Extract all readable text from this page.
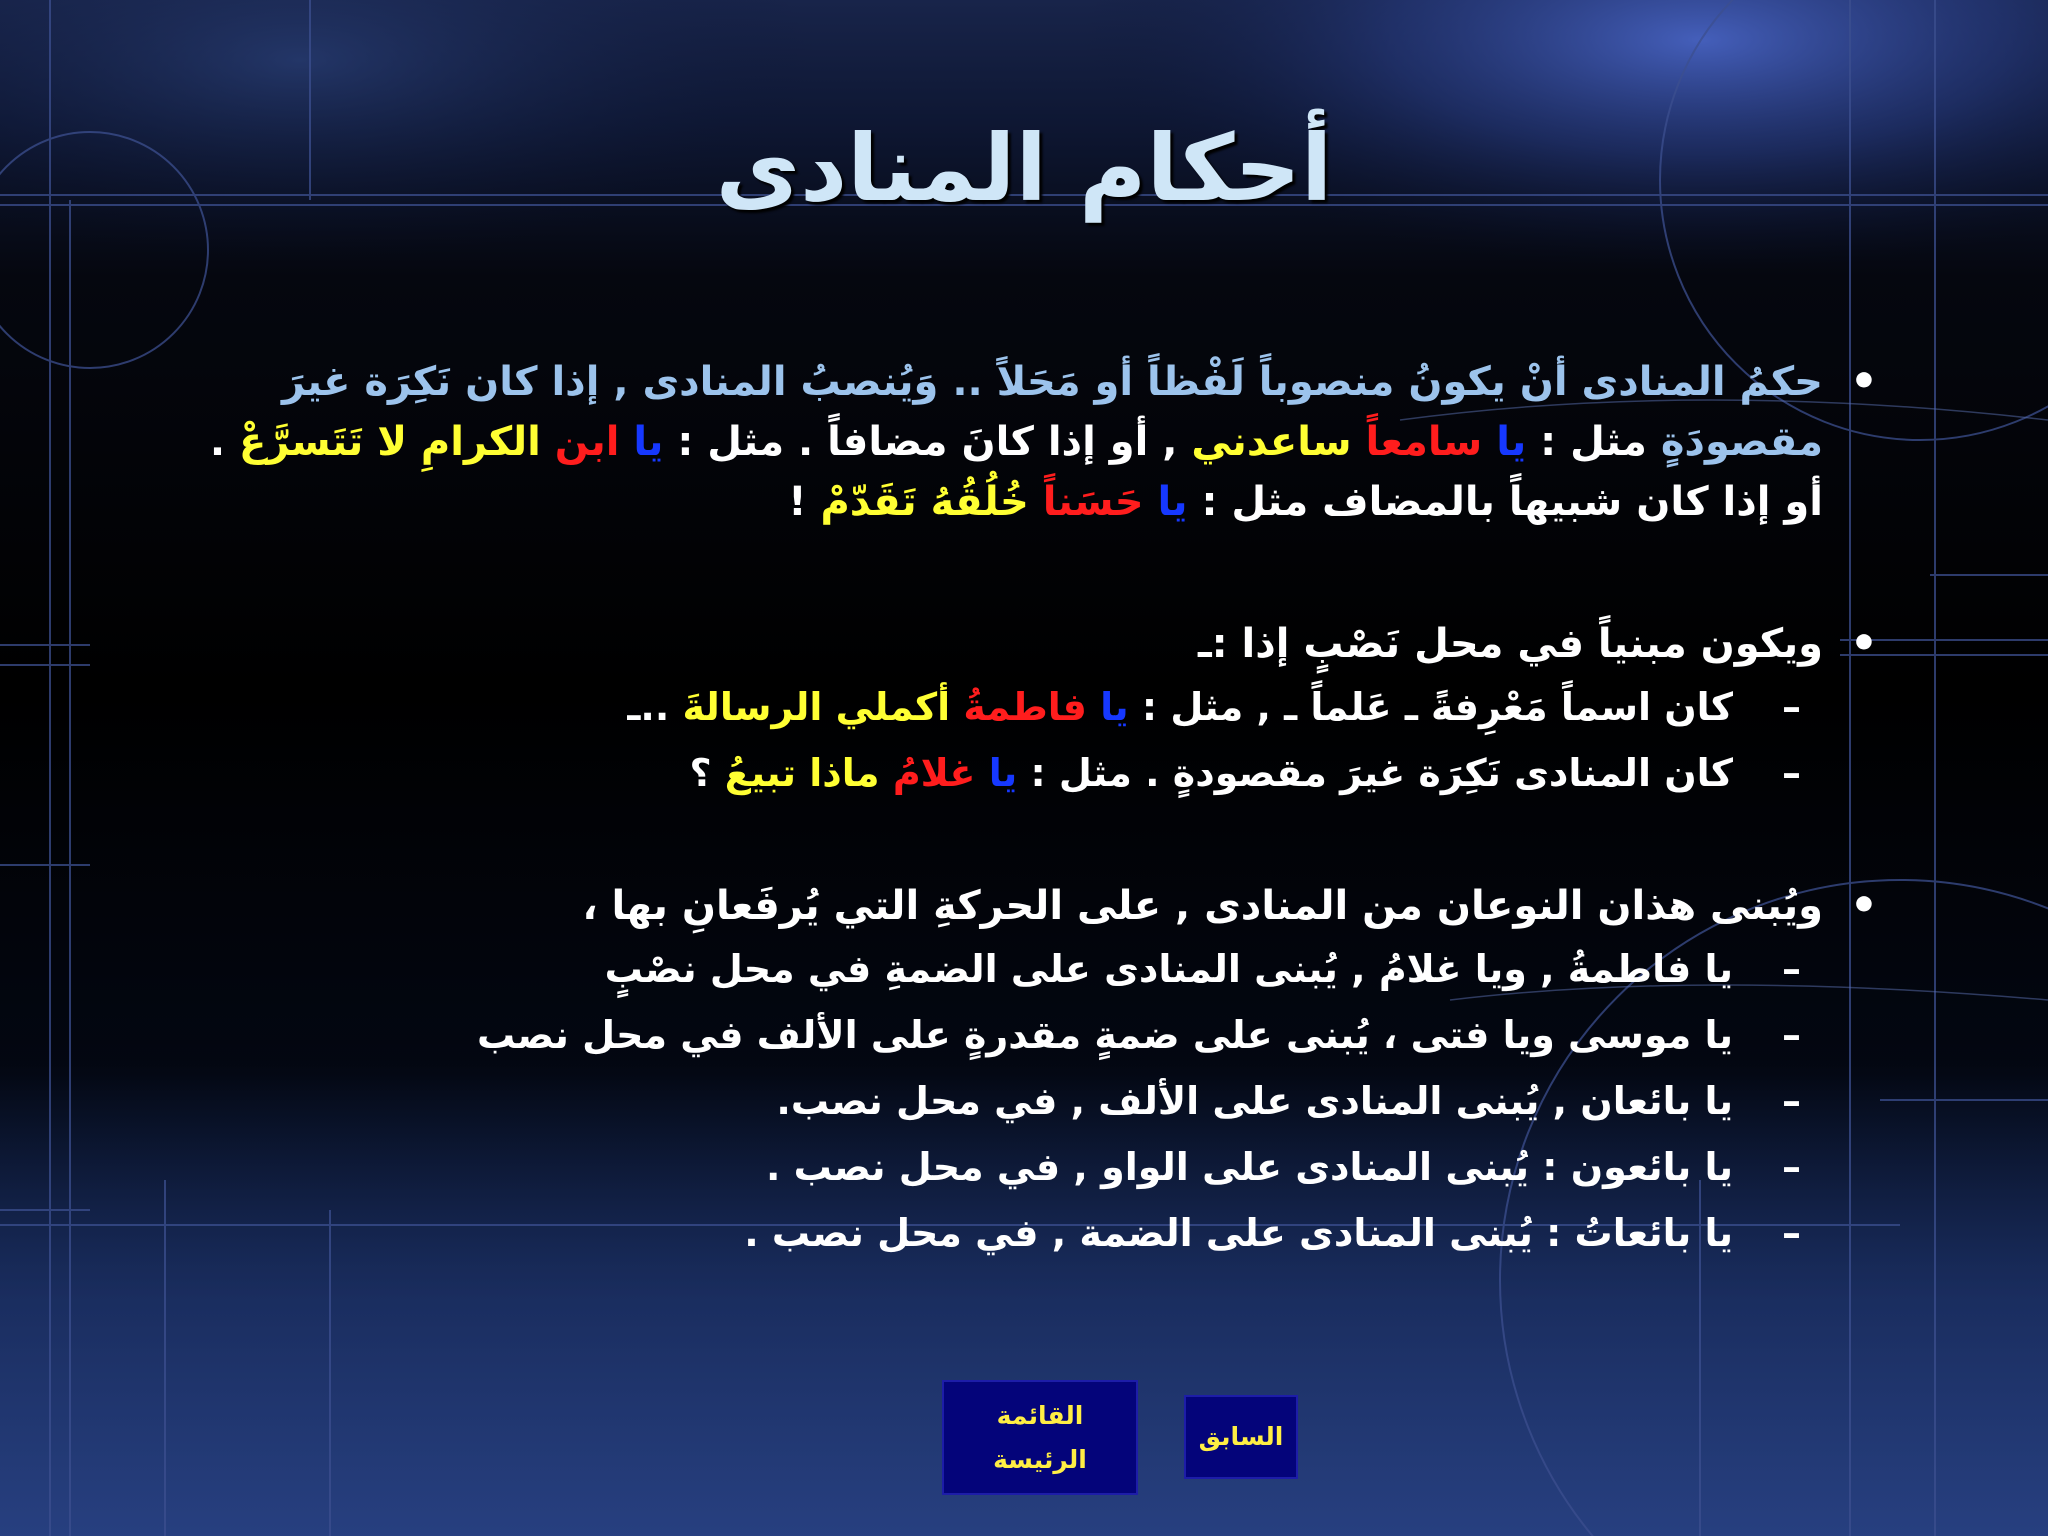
أحكام المنادى
• حكمُ المنادى أنْ يكونُ منصوباً لَفْظاً أو مَحَلاً .. وَيُنصبُ المنادى , إذا كان نَكِرَة غيرَ مقصودَةٍ مثل : يا سامعاً ساعدني , أو إذا كانَ مضافاً . مثل : يا ابن الكرامِ لا تَتَسرَّعْ . أو إذا كان شبيهاً بالمضاف مثل : يا حَسَناً خُلُقُهُ تَقَدّمْ !
• ويكون مبنياً في محل نَصْبٍ إذا :ـ
– كان اسماً مَعْرِفةً ـ عَلماً ـ , مثل : يا فاطمةُ أكملي الرسالةَ ..ـ
– كان المنادى نَكِرَة غيرَ مقصودةٍ . مثل : يا غلامُ ماذا تبيعُ ؟
• ويُبنى هذان النوعان من المنادى , على الحركةِ التي يُرفَعانِ بها ،
– يا فاطمةُ , ويا غلامُ , يُبنى المنادى على الضمةِ في محل نصْبٍ
– يا موسى ويا فتى ، يُبنى على ضمةٍ مقدرةٍ على الألف في محل نصب
– يا بائعان , يُبنى المنادى على الألف , في محل نصب.
– يا بائعون : يُبنى المنادى على الواو , في محل نصب .
– يا بائعاتُ : يُبنى المنادى على الضمة , في محل نصب .
القائمة الرئيسة
السابق
